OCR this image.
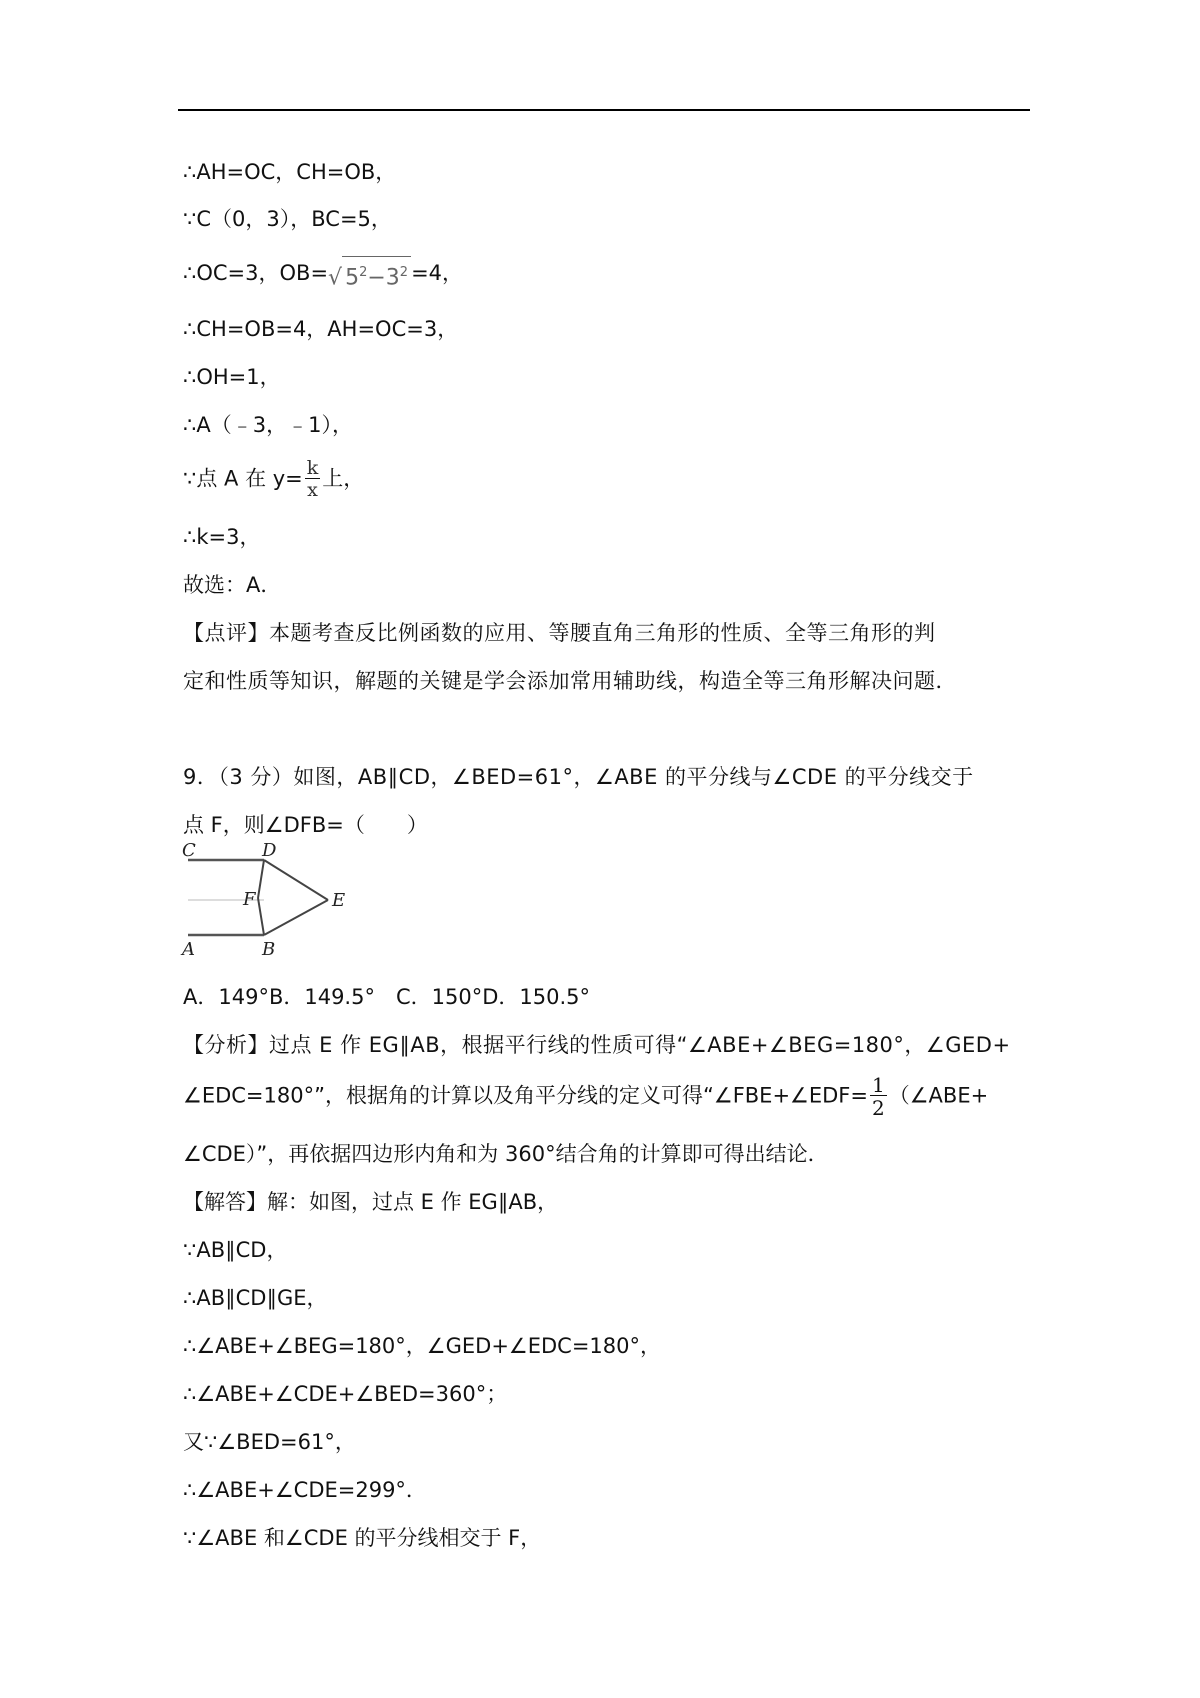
∴AH=OC，CH=OB，
∵C（0，3），BC=5，
∴OC=3，OB=√ $5^2-3^2 =4$，
∴CH=OB=4，AH=OC=3，
∴OH=1，
∴A（﹣3，﹣1），
∵点 A 在 $y= \frac{k}{x}$ 上，
∴k=3，
故选：A．
【点评】本题考查反比例函数的应用、等腰直角三角形的性质、全等三角形的判
定和性质等知识，解题的关键是学会添加常用辅助线，构造全等三角形解决问题．
9．（3 分）如图，AB∥CD，∠BED=61°，∠ABE 的平分线与∠CDE 的平分线交于
点 F，则∠DFB=（　　）
C	D
F	E
A	B
A．149°B．149.5°　C．150°D．150.5°
【分析】过点 E 作 EG∥AB，根据平行线的性质可得“∠ABE+∠BEG=180°，∠GED+
∠EDC=180°”，根据角的计算以及角平分线的定义可得“∠FBE+∠EDF= $\frac{1}{2}$ （∠ABE+
∠CDE）”，再依据四边形内角和为 360°结合角的计算即可得出结论．
【解答】解：如图，过点 E 作 EG∥AB，
∵AB∥CD，
∴AB∥CD∥GE，
∴∠ABE+∠BEG=180°，∠GED+∠EDC=180°，
∴∠ABE+∠CDE+∠BED=360°；
又∵∠BED=61°，
∴∠ABE+∠CDE=299°．
∵∠ABE 和∠CDE 的平分线相交于 F，
